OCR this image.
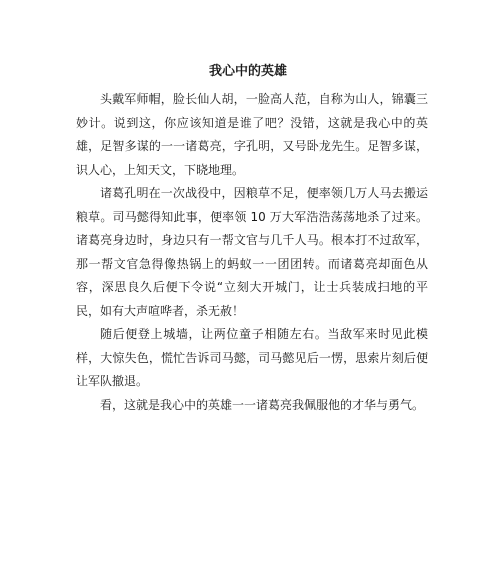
我心中的英雄

头戴军师帽，脸长仙人胡，一脸高人范，自称为山人，锦囊三妙计。说到这，你应该知道是谁了吧？没错，这就是我心中的英雄，足智多谋的一一诸葛亮，字孔明，又号卧龙先生。足智多谋，识人心，上知天文，下晓地理。

诸葛孔明在一次战役中，因粮草不足，便率领几万人马去搬运粮草。司马懿得知此事，便率领 10 万大军浩浩荡荡地杀了过来。诸葛亮身边时，身边只有一帮文官与几千人马。根本打不过敌军，那一帮文官急得像热锅上的蚂蚁一一团团转。而诸葛亮却面色从容，深思良久后便下令说“立刻大开城门，让士兵装成扫地的平民，如有大声喧哗者，杀无赦！

随后便登上城墙，让两位童子相随左右。当敌军来时见此模样，大惊失色，慌忙告诉司马懿，司马懿见后一愣，思索片刻后便让军队撤退。

看，这就是我心中的英雄一一诸葛亮我佩服他的才华与勇气。
